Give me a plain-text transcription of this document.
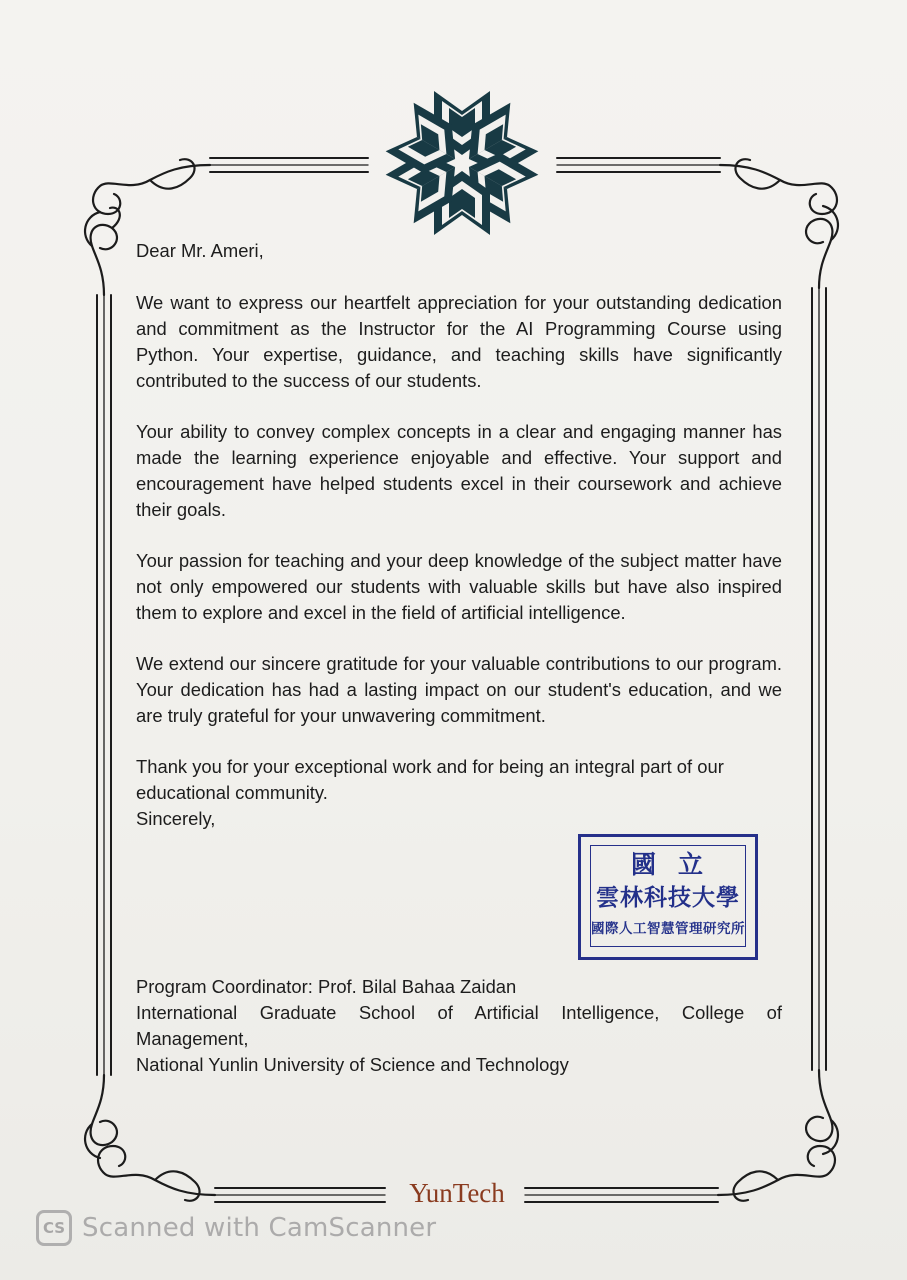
Dear Mr. Ameri,

We want to express our heartfelt appreciation for your outstanding dedication and commitment as the Instructor for the AI Programming Course using Python. Your expertise, guidance, and teaching skills have significantly contributed to the success of our students.

Your ability to convey complex concepts in a clear and engaging manner has made the learning experience enjoyable and effective. Your support and encouragement have helped students excel in their coursework and achieve their goals.

Your passion for teaching and your deep knowledge of the subject matter have not only empowered our students with valuable skills but have also inspired them to explore and excel in the field of artificial intelligence.

We extend our sincere gratitude for your valuable contributions to our program. Your dedication has had a lasting impact on our student's education, and we are truly grateful for your unwavering commitment.

Thank you for your exceptional work and for being an integral part of our educational community.

Sincerely,

國立
雲林科技大學
國際人工智慧管理研究所

Program Coordinator: Prof. Bilal Bahaa Zaidan

International Graduate School of Artificial Intelligence, College of

Management,

National Yunlin University of Science and Technology

YunTech
CS Scanned with CamScanner
